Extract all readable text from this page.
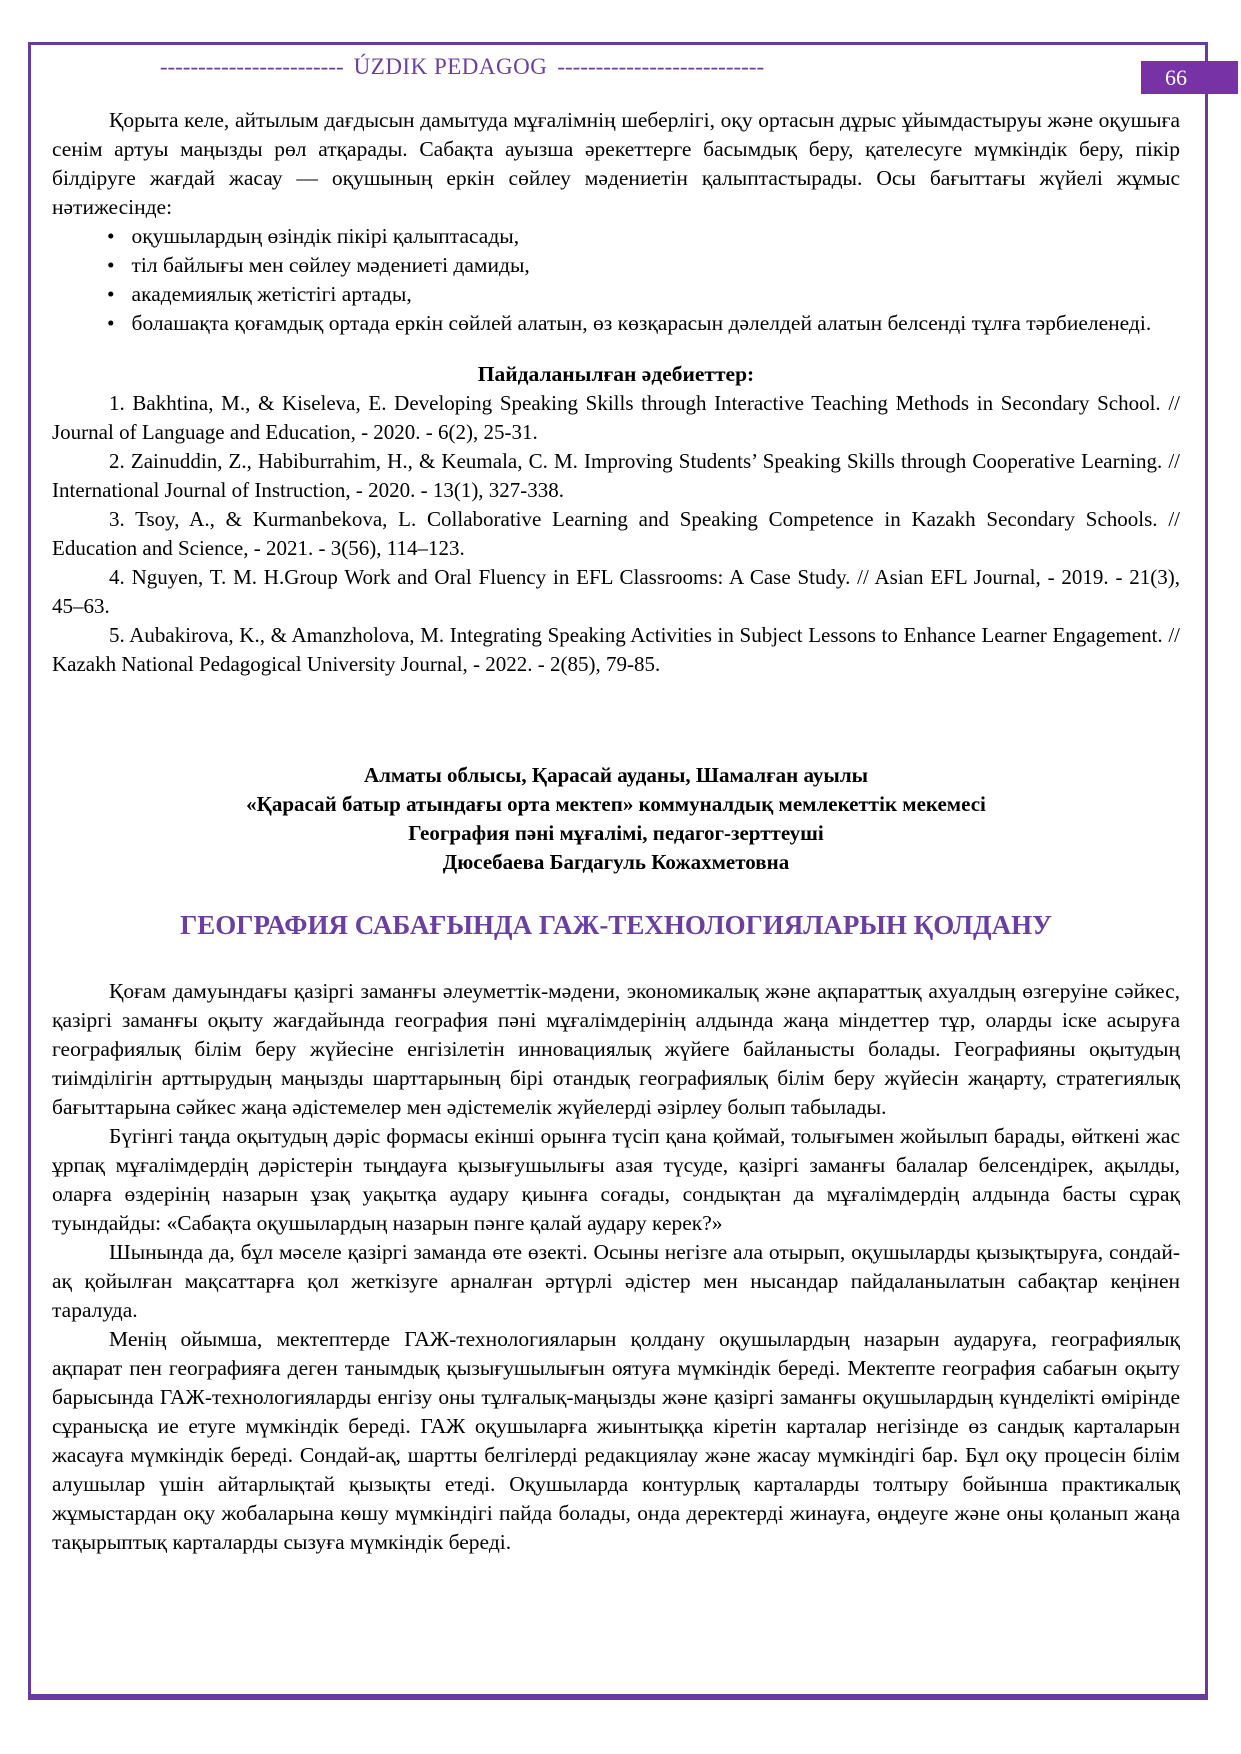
66
------------------------ ÚZDIK PEDAGOG ---------------------------

Қорыта келе, айтылым дағдысын дамытуда мұғалімнің шеберлігі, оқу ортасын дұрыс ұйымдастыруы және оқушыға сенім артуы маңызды рөл атқарады. Сабақта ауызша әрекеттерге басымдық беру, қателесуге мүмкіндік беру, пікір білдіруге жағдай жасау — оқушының еркін сөйлеу мәдениетін қалыптастырады. Осы бағыттағы жүйелі жұмыс нәтижесінде:

• оқушылардың өзіндік пікірі қалыптасады,
• тіл байлығы мен сөйлеу мәдениеті дамиды,
• академиялық жетістігі артады,
• болашақта қоғамдық ортада еркін сөйлей алатын, өз көзқарасын дәлелдей алатын белсенді тұлға тәрбиеленеді.
Пайдаланылған әдебиеттер:

1. Bakhtina, M., & Kiseleva, E. Developing Speaking Skills through Interactive Teaching Methods in Secondary School. // Journal of Language and Education, - 2020. - 6(2), 25-31.

2. Zainuddin, Z., Habiburrahim, H., & Keumala, C. M. Improving Students’ Speaking Skills through Cooperative Learning. // International Journal of Instruction, - 2020. - 13(1), 327-338.

3. Tsoy, A., & Kurmanbekova, L. Collaborative Learning and Speaking Competence in Kazakh Secondary Schools. // Education and Science, - 2021. - 3(56), 114–123.

4. Nguyen, T. M. H.Group Work and Oral Fluency in EFL Classrooms: A Case Study. // Asian EFL Journal, - 2019. - 21(3), 45–63.

5. Aubakirova, K., & Amanzholova, M. Integrating Speaking Activities in Subject Lessons to Enhance Learner Engagement. // Kazakh National Pedagogical University Journal, - 2022. - 2(85), 79-85.

Алматы облысы, Қарасай ауданы, Шамалған ауылы
«Қарасай батыр атындағы орта мектеп» коммуналдық мемлекеттік мекемесі
География пәні мұғалімі, педагог-зерттеуші
Дюсебаева Багдагуль Кожахметовна
ГЕОГРАФИЯ САБАҒЫНДА ГАЖ-ТЕХНОЛОГИЯЛАРЫН ҚОЛДАНУ

Қоғам дамуындағы қазіргі заманғы әлеуметтік-мәдени, экономикалық және ақпараттық ахуалдың өзгеруіне сәйкес, қазіргі заманғы оқыту жағдайында география пәні мұғалімдерінің алдында жаңа міндеттер тұр, оларды іске асыруға географиялық білім беру жүйесіне енгізілетін инновациялық жүйеге байланысты болады. Географияны оқытудың тиімділігін арттырудың маңызды шарттарының бірі отандық географиялық білім беру жүйесін жаңарту, стратегиялық бағыттарына сәйкес жаңа әдістемелер мен әдістемелік жүйелерді әзірлеу болып табылады.

Бүгінгі таңда оқытудың дәріс формасы екінші орынға түсіп қана қоймай, толығымен жойылып барады, өйткені жас ұрпақ мұғалімдердің дәрістерін тыңдауға қызығушылығы азая түсуде, қазіргі заманғы балалар белсендірек, ақылды, оларға өздерінің назарын ұзақ уақытқа аудару қиынға соғады, сондықтан да мұғалімдердің алдында басты сұрақ туындайды: «Сабақта оқушылардың назарын пәнге қалай аудару керек?»

Шынында да, бұл мәселе қазіргі заманда өте өзекті. Осыны негізге ала отырып, оқушыларды қызықтыруға, сондай-ақ қойылған мақсаттарға қол жеткізуге арналған әртүрлі әдістер мен нысандар пайдаланылатын сабақтар кеңінен таралуда.

Менің ойымша, мектептерде ГАЖ-технологияларын қолдану оқушылардың назарын аударуға, географиялық ақпарат пен географияға деген танымдық қызығушылығын оятуға мүмкіндік береді. Мектепте география сабағын оқыту барысында ГАЖ-технологияларды енгізу оны тұлғалық-маңызды және қазіргі заманғы оқушылардың күнделікті өмірінде сұранысқа ие етуге мүмкіндік береді. ГАЖ оқушыларға жиынтыққа кіретін карталар негізінде өз сандық карталарын жасауға мүмкіндік береді. Сондай-ақ, шартты белгілерді редакциялау және жасау мүмкіндігі бар. Бұл оқу процесін білім алушылар үшін айтарлықтай қызықты етеді. Оқушыларда контурлық карталарды толтыру бойынша практикалық жұмыстардан оқу жобаларына көшу мүмкіндігі пайда болады, онда деректерді жинауға, өңдеуге және оны қоланып жаңа тақырыптық карталарды сызуға мүмкіндік береді.
